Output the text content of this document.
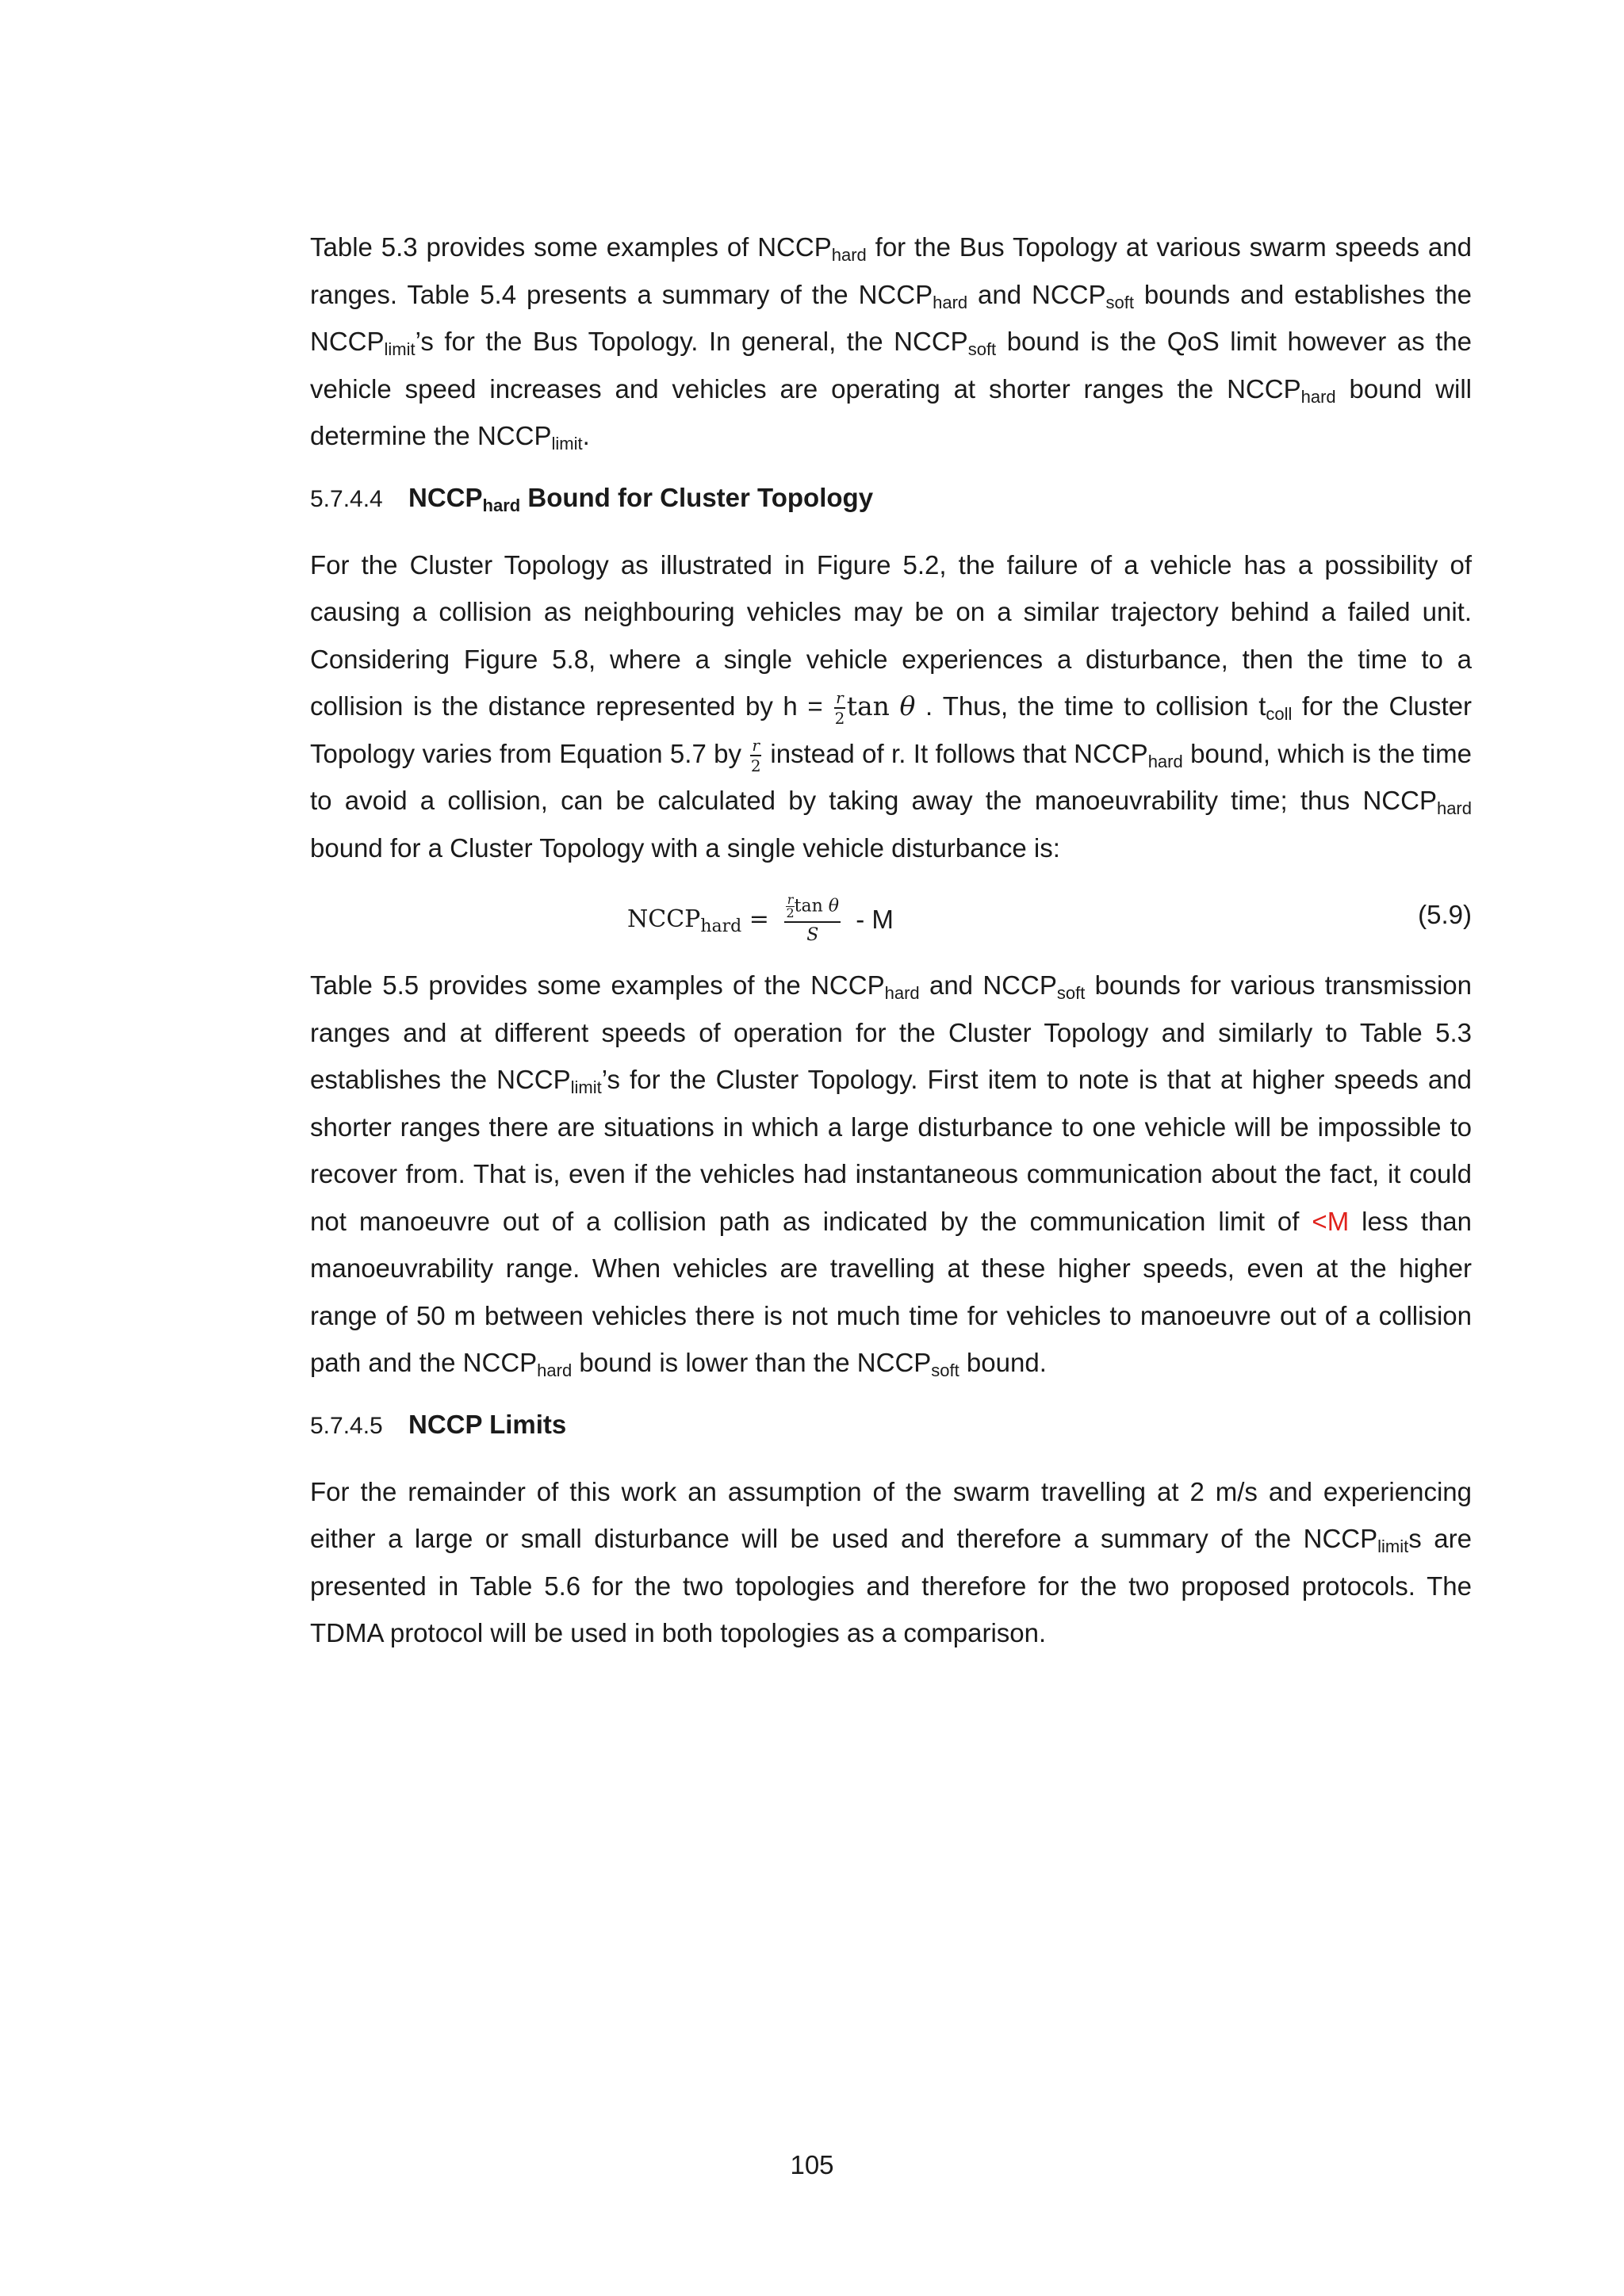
Table 5.3 provides some examples of $NCCP_{hard}$ for the Bus Topology at various swarm speeds and ranges. Table 5.4 presents a summary of the $NCCP_{hard}$ and $NCCP_{soft}$ bounds and establishes the $NCCP_{limit}’s$ for the Bus Topology. In general, the $NCCP_{soft}$ bound is the QoS limit however as the vehicle speed increases and vehicles are operating at shorter ranges the $NCCP_{hard}$ bound will determine the $NCCP_{limit}$.

5.7.4.4 $NCCP_{hard}$ Bound for Cluster Topology

For the Cluster Topology as illustrated in Figure 5.2, the failure of a vehicle has a possibility of causing a collision as neighbouring vehicles may be on a similar trajectory behind a failed unit. Considering Figure 5.8, where a single vehicle experiences a disturbance, then the time to a collision is the distance represented by $h = \frac{r}{2}$ tan θ . Thus, the time to collision $t_{coll}$ for the Cluster Topology varies from Equation 5.7 by $\frac{r}{2}$ instead of r. It follows that $NCCP_{hard}$ bound, which is the time to avoid a collision, can be calculated by taking away the manoeuvrability time; thus $NCCP_{hard}$ bound for a Cluster Topology with a single vehicle disturbance is:

$NCCP_{hard} = \frac{\frac{r}{2} \tan \theta}{S} - M$	(5.9)

Table 5.5 provides some examples of the $NCCP_{hard}$ and $NCCP_{soft}$ bounds for various transmission ranges and at different speeds of operation for the Cluster Topology and similarly to Table 5.3 establishes the $NCCP_{limit}’s$ for the Cluster Topology. First item to note is that at higher speeds and shorter ranges there are situations in which a large disturbance to one vehicle will be impossible to recover from. That is, even if the vehicles had instantaneous communication about the fact, it could not manoeuvre out of a collision path as indicated by the communication limit of <M less than manoeuvrability range. When vehicles are travelling at these higher speeds, even at the higher range of 50 m between vehicles there is not much time for vehicles to manoeuvre out of a collision path and the $NCCP_{hard}$ bound is lower than the $NCCP_{soft}$ bound.

5.7.4.5 NCCP Limits

For the remainder of this work an assumption of the swarm travelling at 2 m/s and experiencing either a large or small disturbance will be used and therefore a summary of the $NCCP_{limit}s$ are presented in Table 5.6 for the two topologies and therefore for the two proposed protocols. The TDMA protocol will be used in both topologies as a comparison.

105
